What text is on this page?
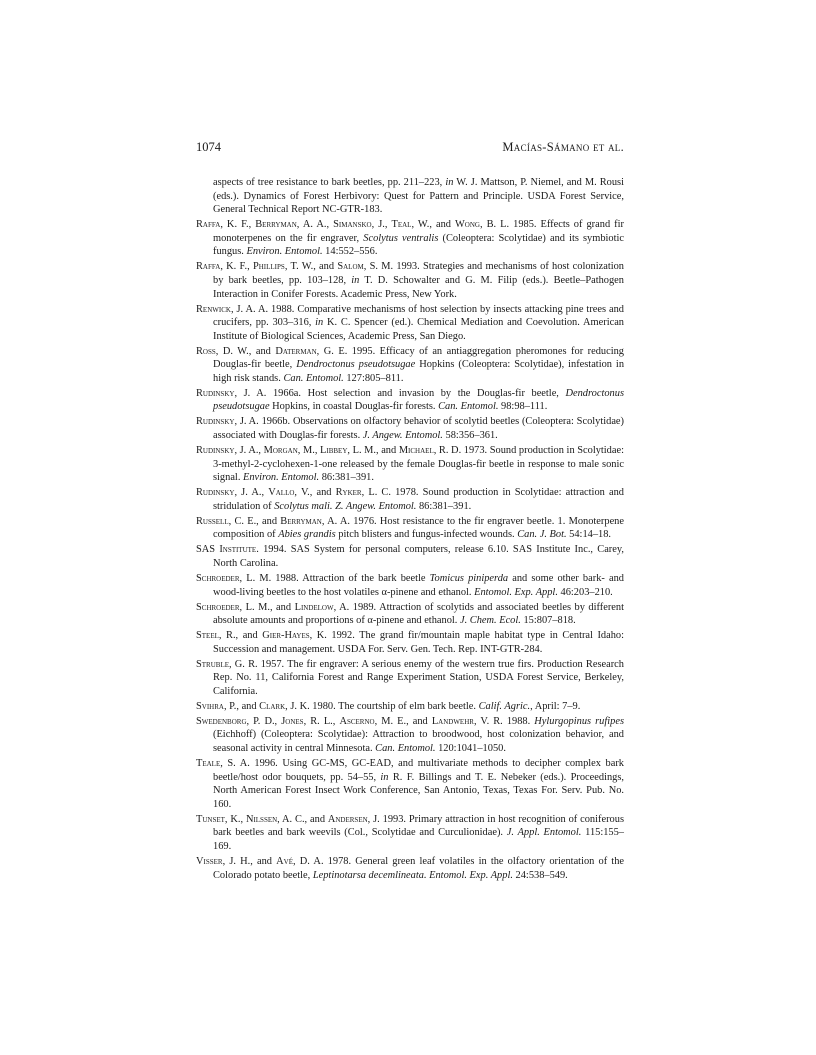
1074	Macías-Sámano et al.

aspects of tree resistance to bark beetles, pp. 211–223, in W. J. Mattson, P. Niemel, and M. Rousi (eds.). Dynamics of Forest Herbivory: Quest for Pattern and Principle. USDA Forest Service, General Technical Report NC-GTR-183.

Raffa, K. F., Berryman, A. A., Simansko, J., Teal, W., and Wong, B. L. 1985. Effects of grand fir monoterpenes on the fir engraver, Scolytus ventralis (Coleoptera: Scolytidae) and its symbiotic fungus. Environ. Entomol. 14:552–556.

Raffa, K. F., Phillips, T. W., and Salom, S. M. 1993. Strategies and mechanisms of host colonization by bark beetles, pp. 103–128, in T. D. Schowalter and G. M. Filip (eds.). Beetle–Pathogen Interaction in Conifer Forests. Academic Press, New York.

Renwick, J. A. A. 1988. Comparative mechanisms of host selection by insects attacking pine trees and crucifers, pp. 303–316, in K. C. Spencer (ed.). Chemical Mediation and Coevolution. American Institute of Biological Sciences, Academic Press, San Diego.

Ross, D. W., and Daterman, G. E. 1995. Efficacy of an antiaggregation pheromones for reducing Douglas-fir beetle, Dendroctonus pseudotsugae Hopkins (Coleoptera: Scolytidae), infestation in high risk stands. Can. Entomol. 127:805–811.

Rudinsky, J. A. 1966a. Host selection and invasion by the Douglas-fir beetle, Dendroctonus pseudotsugae Hopkins, in coastal Douglas-fir forests. Can. Entomol. 98:98–111.

Rudinsky, J. A. 1966b. Observations on olfactory behavior of scolytid beetles (Coleoptera: Scolytidae) associated with Douglas-fir forests. J. Angew. Entomol. 58:356–361.

Rudinsky, J. A., Morgan, M., Libbey, L. M., and Michael, R. D. 1973. Sound production in Scolytidae: 3-methyl-2-cyclohexen-1-one released by the female Douglas-fir beetle in response to male sonic signal. Environ. Entomol. 86:381–391.

Rudinsky, J. A., Vallo, V., and Ryker, L. C. 1978. Sound production in Scolytidae: attraction and stridulation of Scolytus mali. Z. Angew. Entomol. 86:381–391.

Russell, C. E., and Berryman, A. A. 1976. Host resistance to the fir engraver beetle. 1. Monoterpene composition of Abies grandis pitch blisters and fungus-infected wounds. Can. J. Bot. 54:14–18.

SAS Institute. 1994. SAS System for personal computers, release 6.10. SAS Institute Inc., Carey, North Carolina.

Schroeder, L. M. 1988. Attraction of the bark beetle Tomicus piniperda and some other bark- and wood-living beetles to the host volatiles α-pinene and ethanol. Entomol. Exp. Appl. 46:203–210.

Schroeder, L. M., and Lindelow, A. 1989. Attraction of scolytids and associated beetles by different absolute amounts and proportions of α-pinene and ethanol. J. Chem. Ecol. 15:807–818.

Steel, R., and Gier-Hayes, K. 1992. The grand fir/mountain maple habitat type in Central Idaho: Succession and management. USDA For. Serv. Gen. Tech. Rep. INT-GTR-284.

Struble, G. R. 1957. The fir engraver: A serious enemy of the western true firs. Production Research Rep. No. 11, California Forest and Range Experiment Station, USDA Forest Service, Berkeley, California.

Svihra, P., and Clark, J. K. 1980. The courtship of elm bark beetle. Calif. Agric., April: 7–9.

Swedenborg, P. D., Jones, R. L., Ascerno, M. E., and Landwehr, V. R. 1988. Hylurgopinus rufipes (Eichhoff) (Coleoptera: Scolytidae): Attraction to broodwood, host colonization behavior, and seasonal activity in central Minnesota. Can. Entomol. 120:1041–1050.

Teale, S. A. 1996. Using GC-MS, GC-EAD, and multivariate methods to decipher complex bark beetle/host odor bouquets, pp. 54–55, in R. F. Billings and T. E. Nebeker (eds.). Proceedings, North American Forest Insect Work Conference, San Antonio, Texas, Texas For. Serv. Pub. No. 160.

Tunset, K., Nilssen, A. C., and Andersen, J. 1993. Primary attraction in host recognition of coniferous bark beetles and bark weevils (Col., Scolytidae and Curculionidae). J. Appl. Entomol. 115:155–169.

Visser, J. H., and Avé, D. A. 1978. General green leaf volatiles in the olfactory orientation of the Colorado potato beetle, Leptinotarsa decemlineata. Entomol. Exp. Appl. 24:538–549.
